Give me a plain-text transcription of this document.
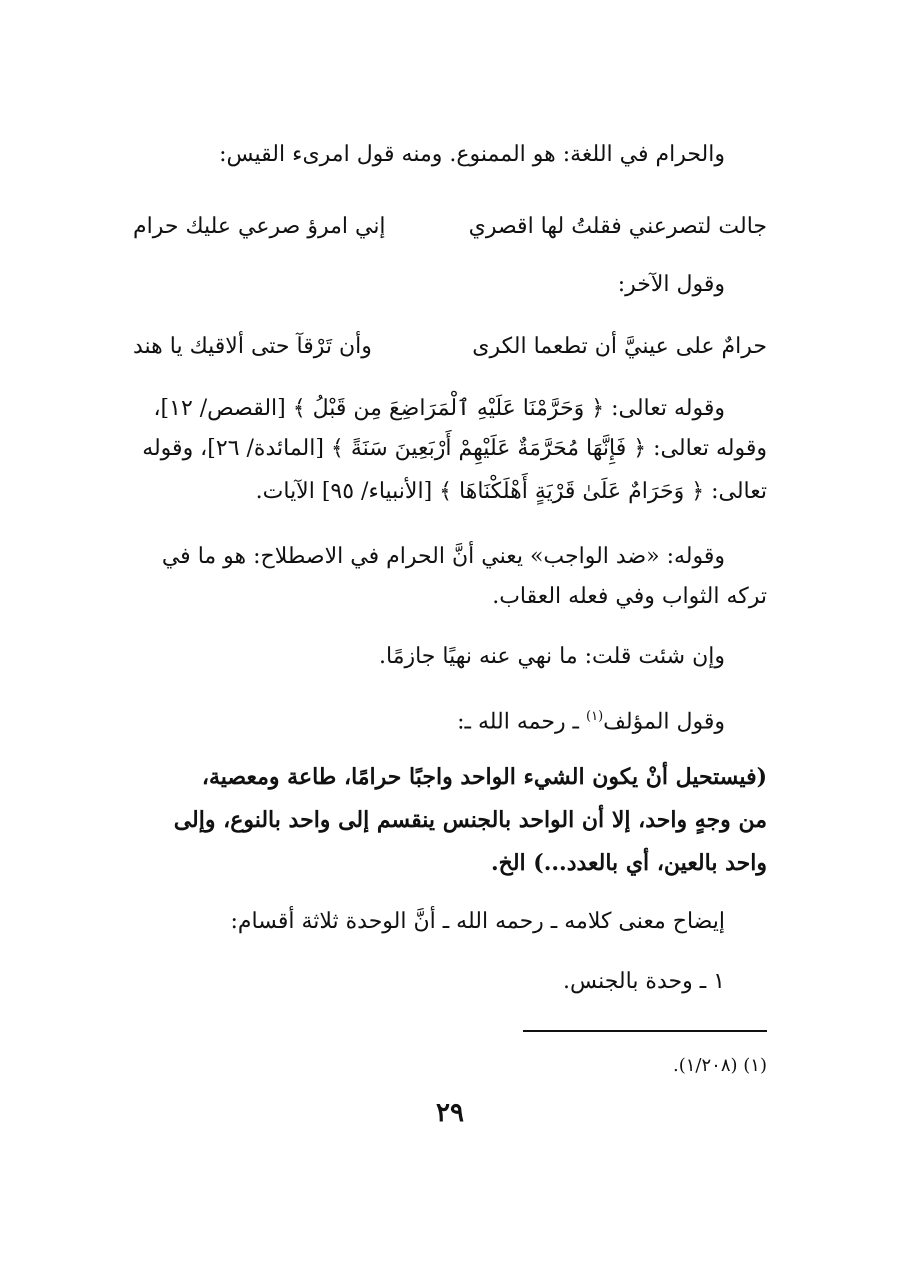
والحرام في اللغة: هو الممنوع. ومنه قول امرىء القيس:
جالت لتصرعني فقلتُ لها اقصري
إني امرؤ صرعي عليك حرام
وقول الآخر:
حرامٌ على عينيَّ أن تطعما الكرى
وأن تَرْقآ حتى ألاقيك يا هند
وقوله تعالى: ﴿ وَحَرَّمْنَا عَلَيْهِ ٱلْمَرَاضِعَ مِن قَبْلُ ﴾ [القصص/ ١٢]،
وقوله تعالى: ﴿ فَإِنَّهَا مُحَرَّمَةٌ عَلَيْهِمْ أَرْبَعِينَ سَنَةً ﴾ [المائدة/ ٢٦]، وقوله
تعالى: ﴿ وَحَرَامٌ عَلَىٰ قَرْيَةٍ أَهْلَكْنَاهَا ﴾ [الأنبياء/ ٩٥] الآيات.
وقوله: «ضد الواجب» يعني أنَّ الحرام في الاصطلاح: هو ما في
تركه الثواب وفي فعله العقاب.
وإن شئت قلت: ما نهي عنه نهيًا جازمًا.
وقول المؤلف$^{(١)}$ ـ رحمه الله ـ:
(فيستحيل أنْ يكون الشيء الواحد واجبًا حرامًا، طاعة ومعصية،
من وجهٍ واحد، إلا أن الواحد بالجنس ينقسم إلى واحد بالنوع، وإلى
واحد بالعين، أي بالعدد...) الخ.
إيضاح معنى كلامه ـ رحمه الله ـ أنَّ الوحدة ثلاثة أقسام:
١ ـ وحدة بالجنس.
(١) (١/٢٠٨).
٢٩
